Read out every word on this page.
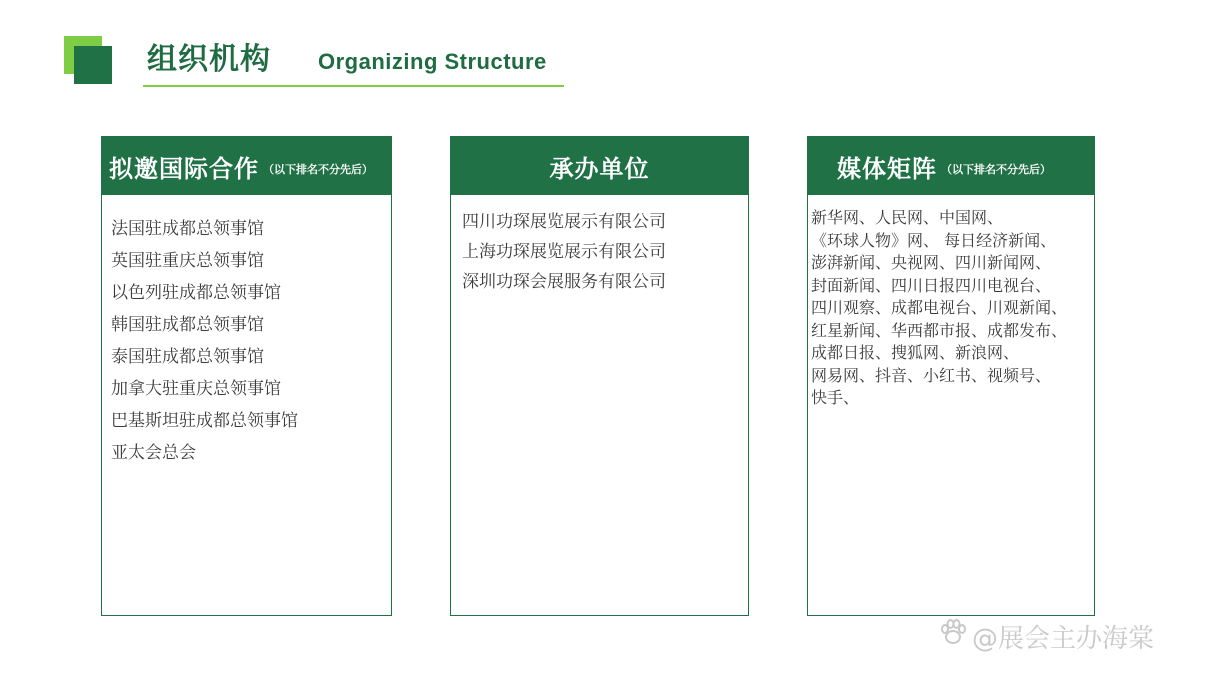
组织机构 Organizing Structure
拟邀国际合作 （以下排名不分先后）
法国驻成都总领事馆
英国驻重庆总领事馆
以色列驻成都总领事馆
韩国驻成都总领事馆
泰国驻成都总领事馆
加拿大驻重庆总领事馆
巴基斯坦驻成都总领事馆
亚太会总会
承办单位
四川功琛展览展示有限公司
上海功琛展览展示有限公司
深圳功琛会展服务有限公司
媒体矩阵 （以下排名不分先后）
新华网、人民网、中国网、
《环球人物》网、 每日经济新闻、
澎湃新闻、央视网、四川新闻网、
封面新闻、四川日报四川电视台、
四川观察、成都电视台、川观新闻、
红星新闻、华西都市报、成都发布、
成都日报、搜狐网、新浪网、
网易网、抖音、小红书、视频号、
快手、
@展会主办海棠
